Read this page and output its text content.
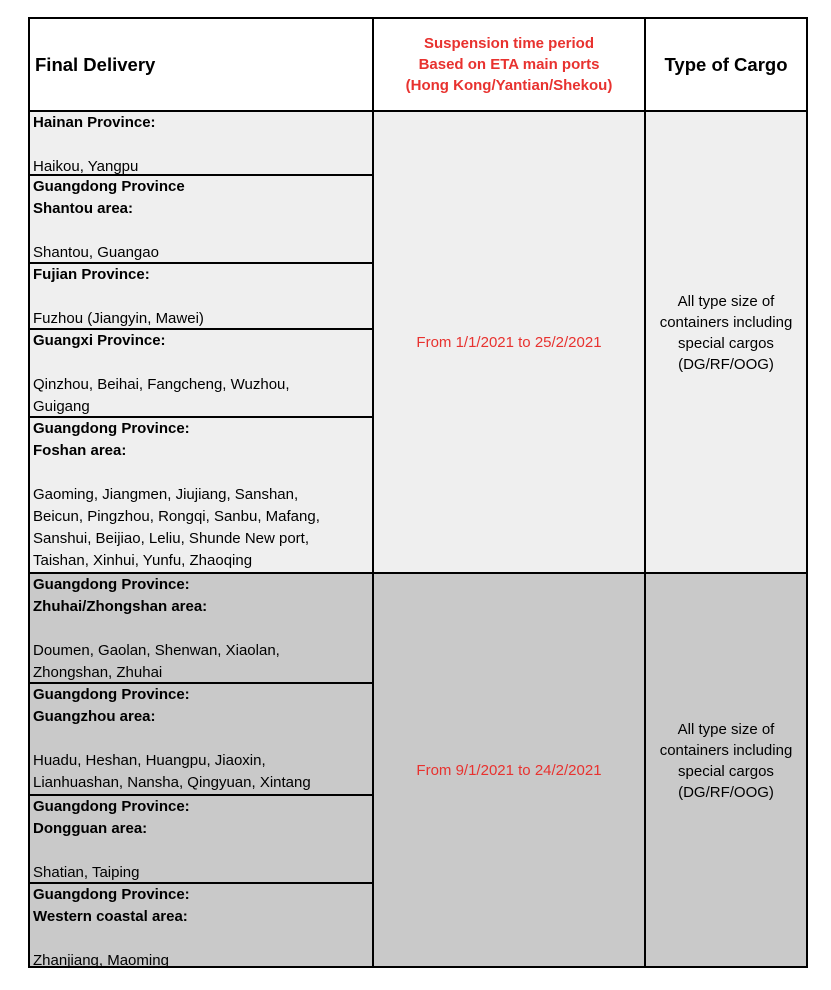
Final Delivery
Suspension time period
Based on ETA main ports
(Hong Kong/Yantian/Shekou)
Type of Cargo
Hainan Province:
Haikou, Yangpu
Guangdong Province
Shantou area:
Shantou, Guangao
Fujian Province:
Fuzhou (Jiangyin, Mawei)
Guangxi Province:
Qinzhou, Beihai, Fangcheng, Wuzhou,
Guigang
Guangdong Province:
Foshan area:
Gaoming, Jiangmen, Jiujiang, Sanshan,
Beicun, Pingzhou, Rongqi, Sanbu, Mafang,
Sanshui, Beijiao, Leliu, Shunde New port,
Taishan, Xinhui, Yunfu, Zhaoqing
From 1/1/2021 to 25/2/2021
All type size of
containers including
special cargos
(DG/RF/OOG)
Guangdong Province:
Zhuhai/Zhongshan area:
Doumen, Gaolan, Shenwan, Xiaolan,
Zhongshan, Zhuhai
Guangdong Province:
Guangzhou area:
Huadu, Heshan, Huangpu, Jiaoxin,
Lianhuashan, Nansha, Qingyuan, Xintang
Guangdong Province:
Dongguan area:
Shatian, Taiping
Guangdong Province:
Western coastal area:
Zhanjiang, Maoming
From 9/1/2021 to 24/2/2021
All type size of
containers including
special cargos
(DG/RF/OOG)
